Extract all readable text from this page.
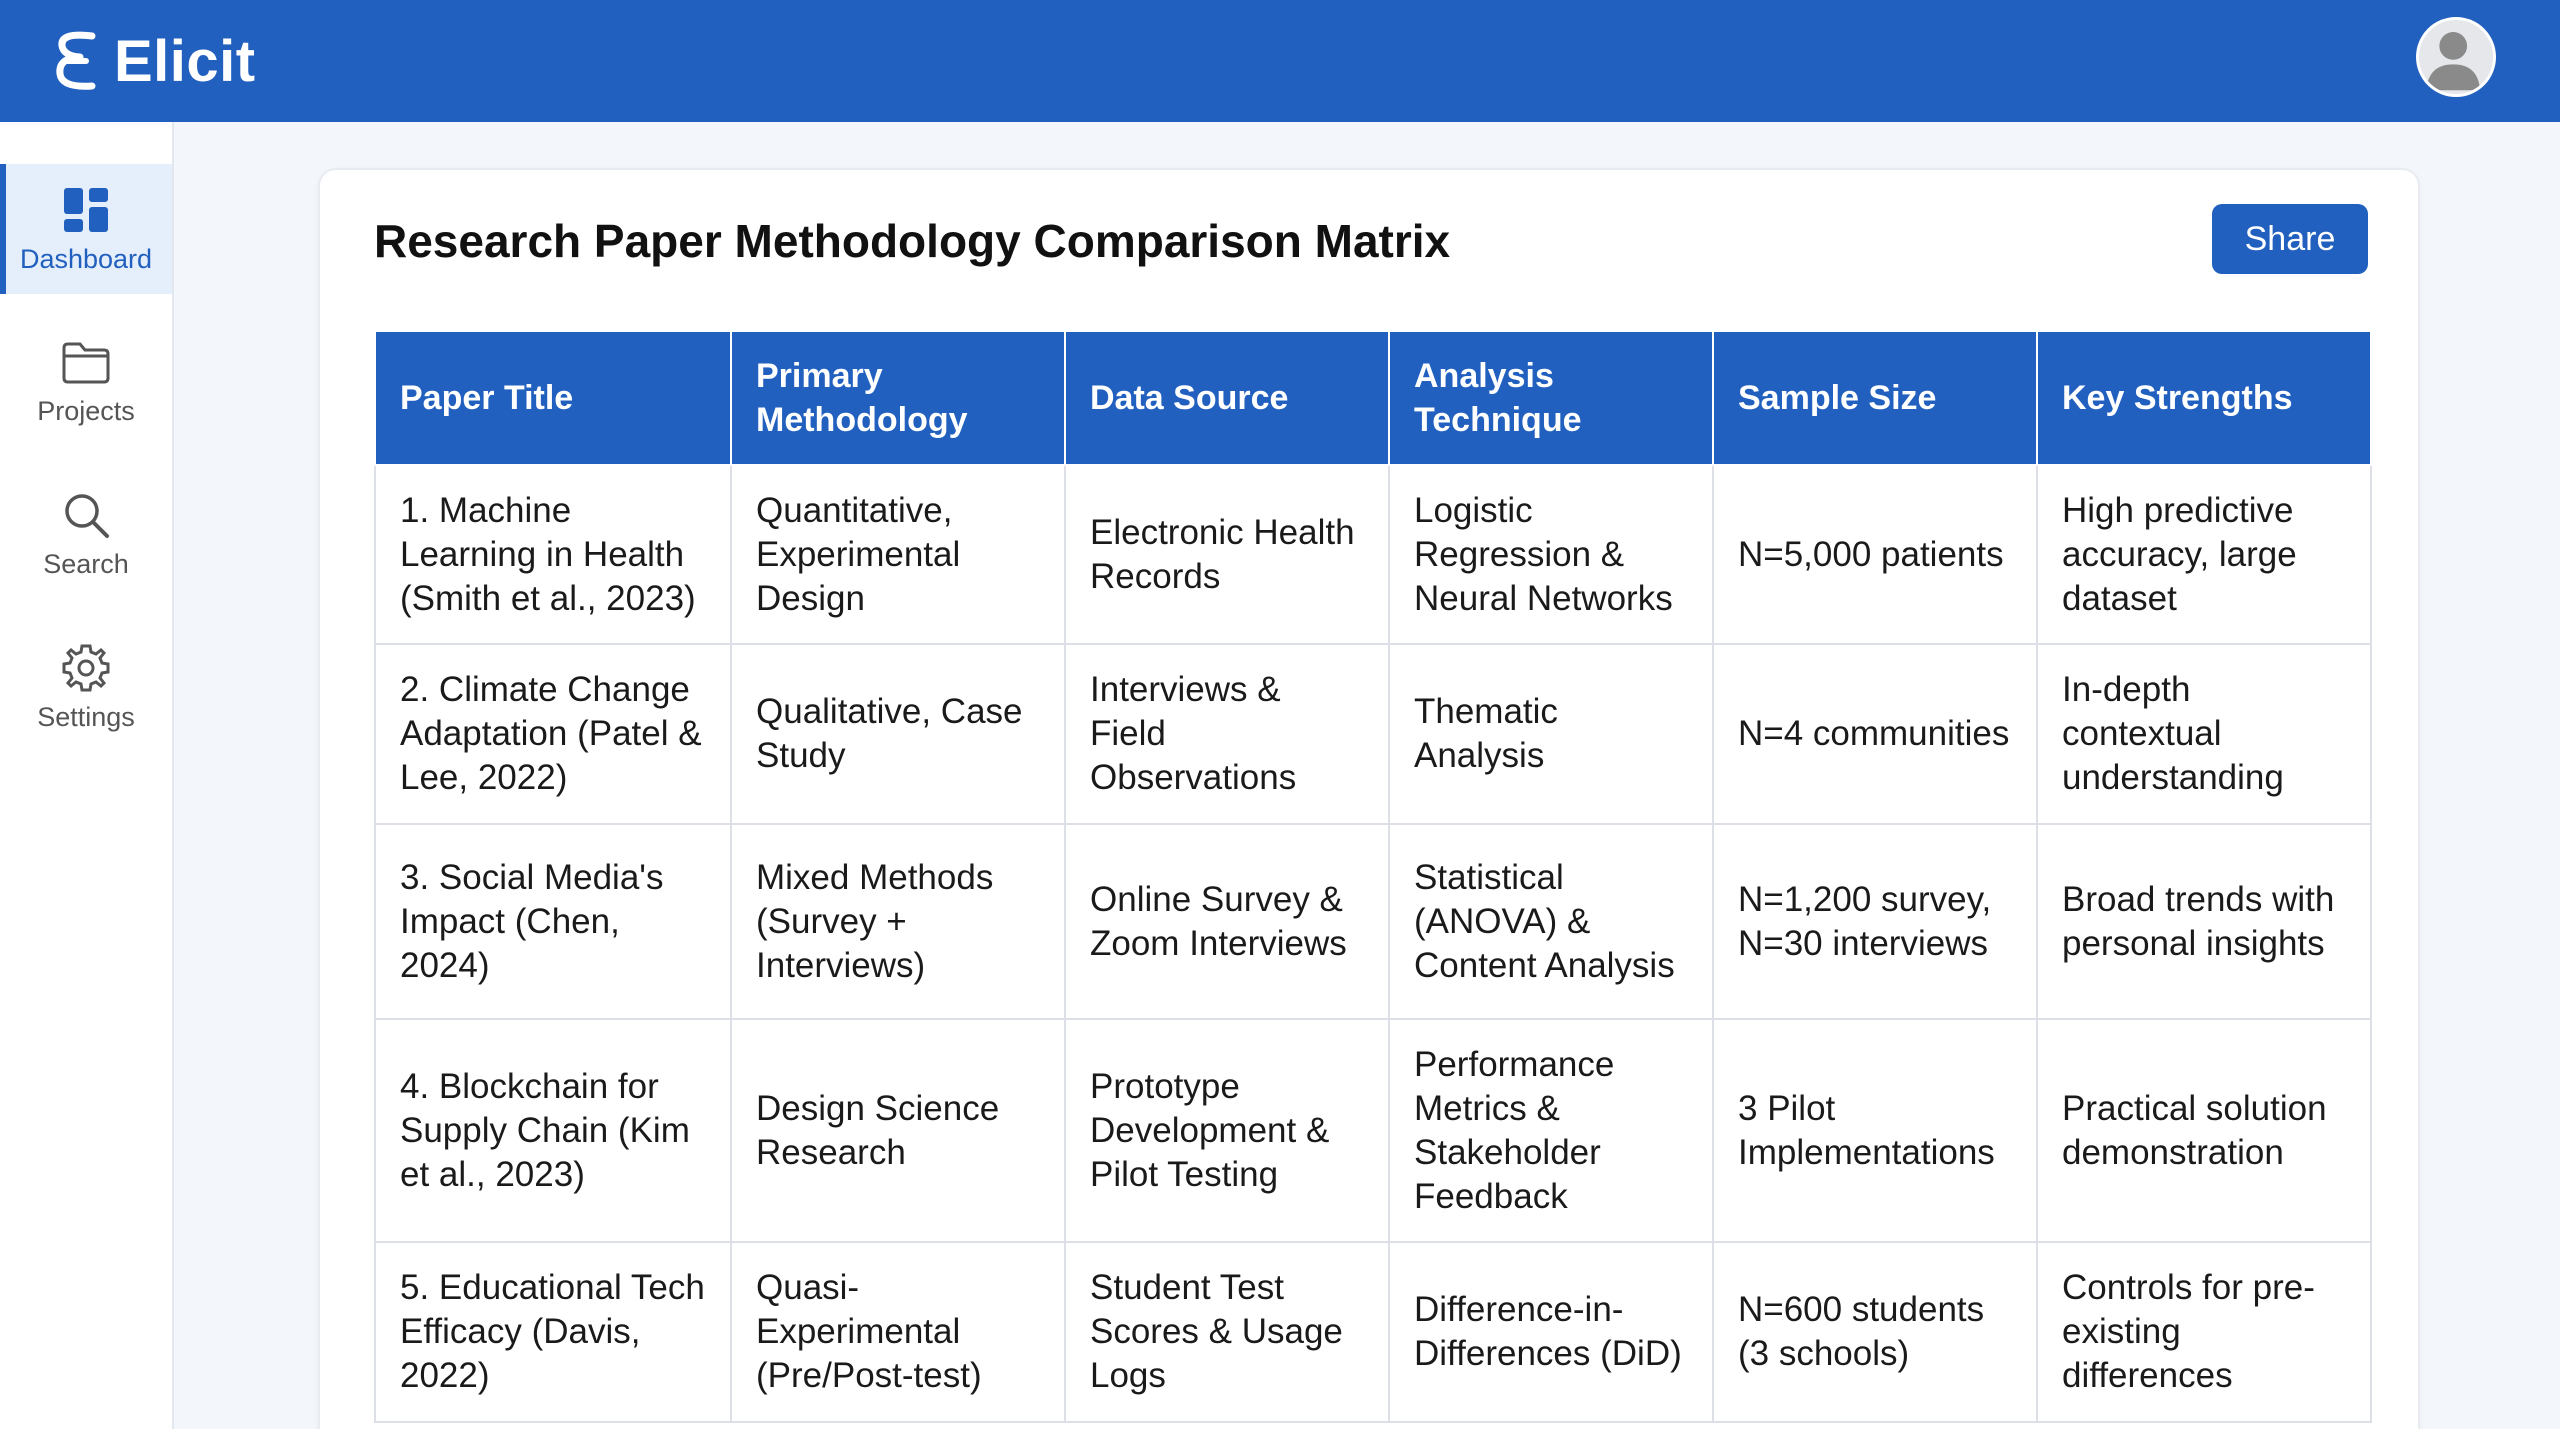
Elicit
Dashboard
Projects
Search
Settings
Research Paper Methodology Comparison Matrix	Share
Paper Title	Primary Methodology	Data Source	Analysis Technique	Sample Size	Key Strengths
1. Machine Learning in Health (Smith et al., 2023)	Quantitative, Experimental Design	Electronic Health Records	Logistic Regression & Neural Networks	N=5,000 patients	High predictive accuracy, large dataset
2. Climate Change Adaptation (Patel & Lee, 2022)	Qualitative, Case Study	Interviews & Field Observations	Thematic Analysis	N=4 communities	In-depth contextual understanding
3. Social Media's Impact (Chen, 2024)	Mixed Methods (Survey + Interviews)	Online Survey & Zoom Interviews	Statistical (ANOVA) & Content Analysis	N=1,200 survey, N=30 interviews	Broad trends with personal insights
4. Blockchain for Supply Chain (Kim et al., 2023)	Design Science Research	Prototype Development & Pilot Testing	Performance Metrics & Stakeholder Feedback	3 Pilot Implementations	Practical solution demonstration
5. Educational Tech Efficacy (Davis, 2022)	Quasi-Experimental (Pre/Post-test)	Student Test Scores & Usage Logs	Difference-in-Differences (DiD)	N=600 students (3 schools)	Controls for pre-existing differences
